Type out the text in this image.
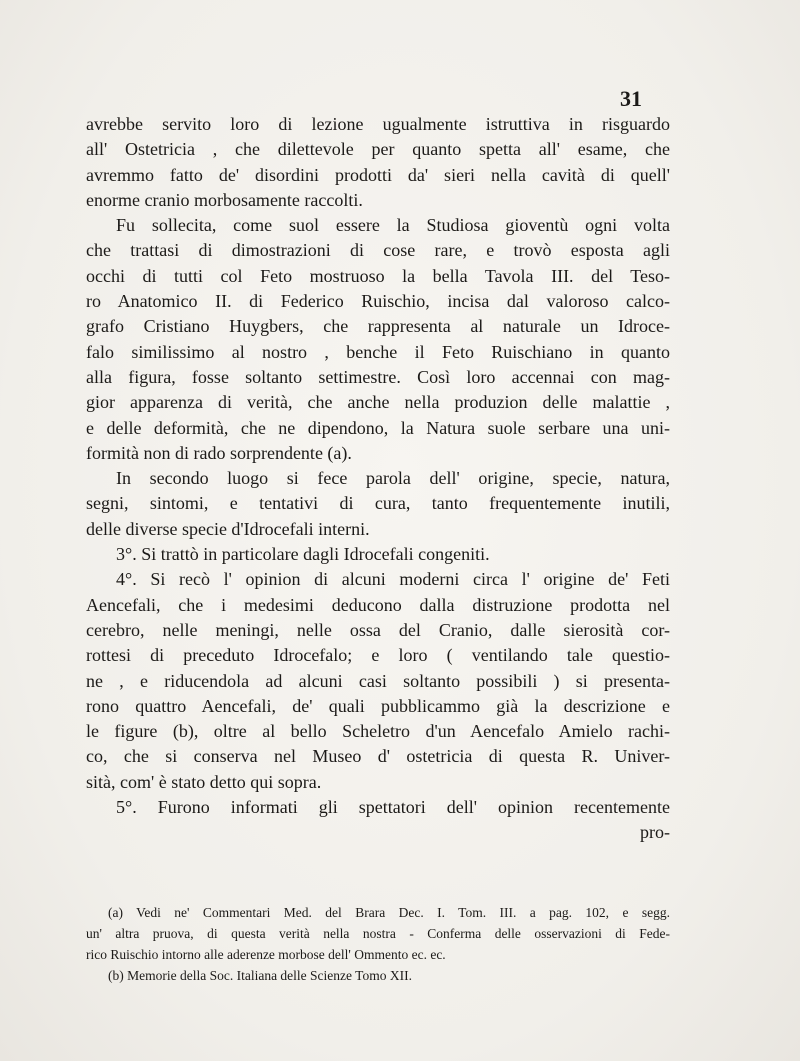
31
avrebbe servito loro di lezione ugualmente istruttiva in risguardo
all' Ostetricia , che dilettevole per quanto spetta all' esame, che
avremmo fatto de' disordini prodotti da' sieri nella cavità di quell'
enorme cranio morbosamente raccolti.
Fu sollecita, come suol essere la Studiosa gioventù ogni volta
che trattasi di dimostrazioni di cose rare, e trovò esposta agli
occhi di tutti col Feto mostruoso la bella Tavola III. del Teso-
ro Anatomico II. di Federico Ruischio, incisa dal valoroso calco-
grafo Cristiano Huygbers, che rappresenta al naturale un Idroce-
falo similissimo al nostro , benche il Feto Ruischiano in quanto
alla figura, fosse soltanto settimestre. Così loro accennai con mag-
gior apparenza di verità, che anche nella produzion delle malattie ,
e delle deformità, che ne dipendono, la Natura suole serbare una uni-
formità non di rado sorprendente (a).
In secondo luogo si fece parola dell' origine, specie, natura,
segni, sintomi, e tentativi di cura, tanto frequentemente inutili,
delle diverse specie d'Idrocefali interni.
3°. Si trattò in particolare dagli Idrocefali congeniti.
4°. Si recò l' opinion di alcuni moderni circa l' origine de' Feti
Aencefali, che i medesimi deducono dalla distruzione prodotta nel
cerebro, nelle meningi, nelle ossa del Cranio, dalle sierosità cor-
rottesi di preceduto Idrocefalo; e loro ( ventilando tale questio-
ne , e riducendola ad alcuni casi soltanto possibili ) si presenta-
rono quattro Aencefali, de' quali pubblicammo già la descrizione e
le figure (b), oltre al bello Scheletro d'un Aencefalo Amielo rachi-
co, che si conserva nel Museo d' ostetricia di questa R. Univer-
sità, com' è stato detto qui sopra.
5°. Furono informati gli spettatori dell' opinion recentemente
pro-
(a) Vedi ne' Commentari Med. del Brara Dec. I. Tom. III. a pag. 102, e segg.
un' altra pruova, di questa verità nella nostra - Conferma delle osservazioni di Fede-
rico Ruischio intorno alle aderenze morbose dell' Ommento ec. ec.
(b) Memorie della Soc. Italiana delle Scienze Tomo XII.
